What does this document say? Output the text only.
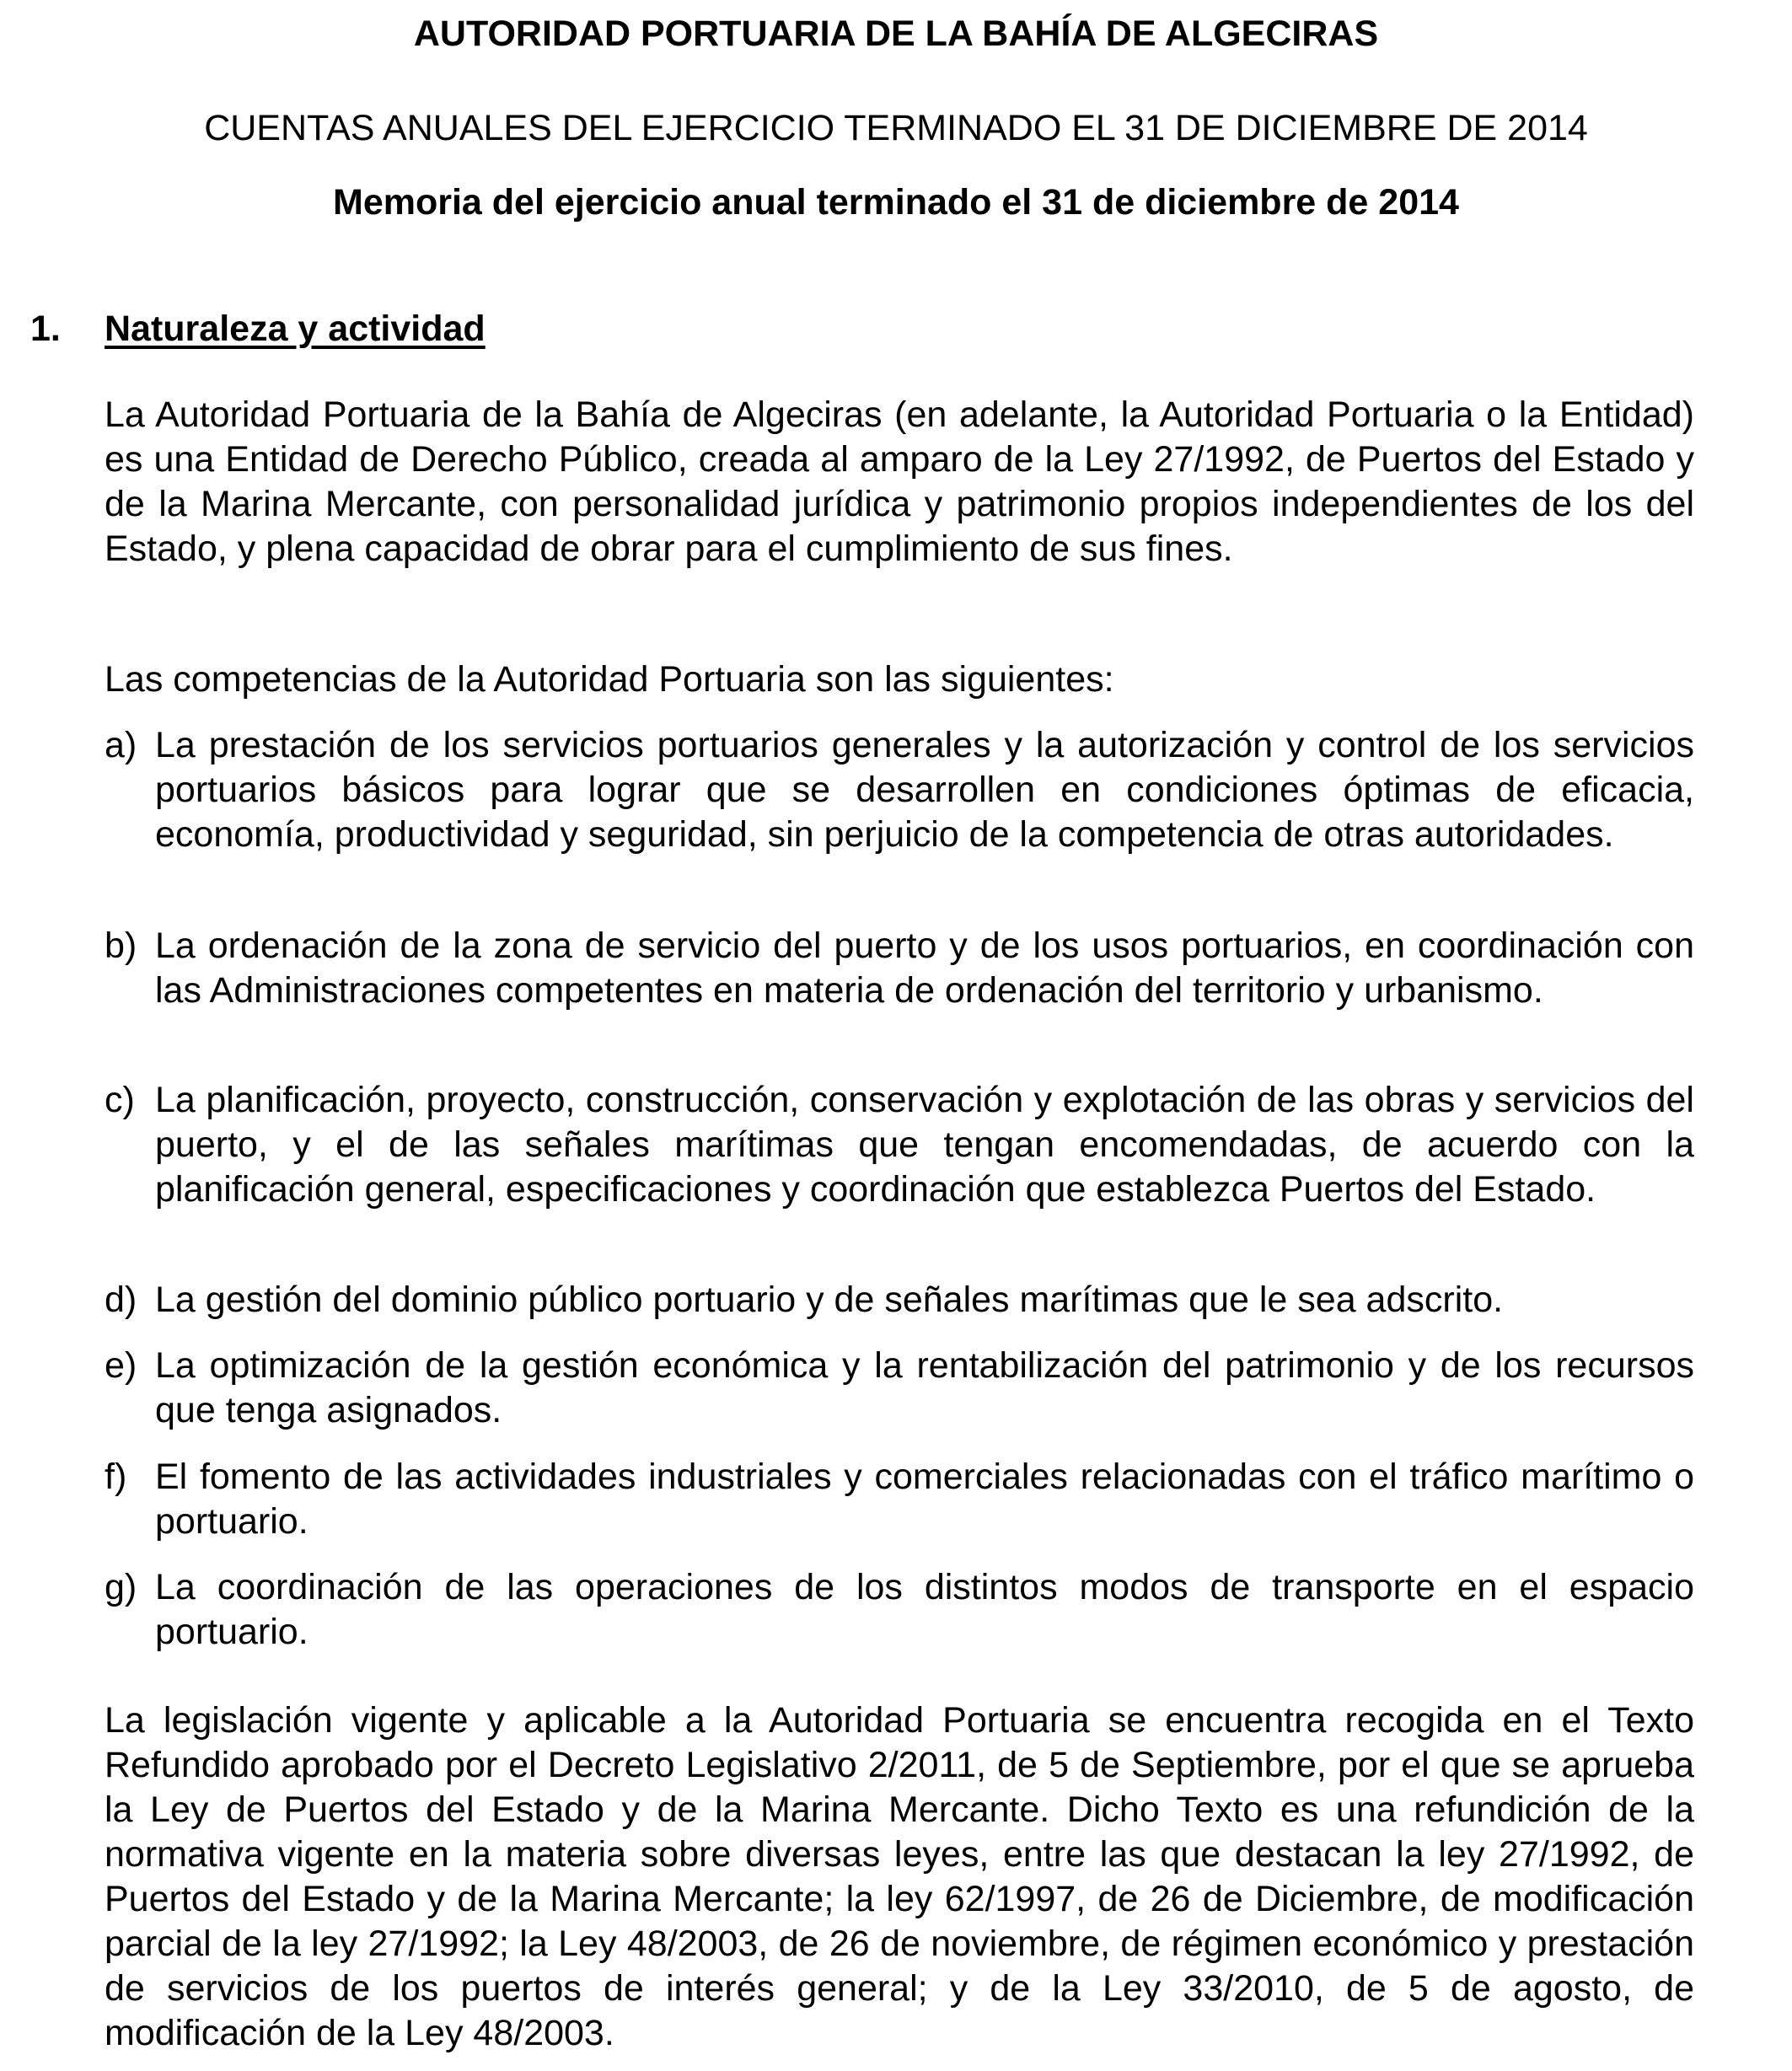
AUTORIDAD PORTUARIA DE LA BAHÍA DE ALGECIRAS
CUENTAS ANUALES DEL EJERCICIO TERMINADO EL 31 DE DICIEMBRE DE 2014
Memoria del ejercicio anual terminado el 31 de diciembre de 2014
1. Naturaleza y actividad

La Autoridad Portuaria de la Bahía de Algeciras (en adelante, la Autoridad Portuaria o la Entidad) es una Entidad de Derecho Público, creada al amparo de la Ley 27/1992, de Puertos del Estado y de la Marina Mercante, con personalidad jurídica y patrimonio propios independientes de los del Estado, y plena capacidad de obrar para el cumplimiento de sus fines.

Las competencias de la Autoridad Portuaria son las siguientes:

a) La prestación de los servicios portuarios generales y la autorización y control de los servicios portuarios básicos para lograr que se desarrollen en condiciones óptimas de eficacia, economía, productividad y seguridad, sin perjuicio de la competencia de otras autoridades.
b) La ordenación de la zona de servicio del puerto y de los usos portuarios, en coordinación con las Administraciones competentes en materia de ordenación del territorio y urbanismo.
c) La planificación, proyecto, construcción, conservación y explotación de las obras y servicios del puerto, y el de las señales marítimas que tengan encomendadas, de acuerdo con la planificación general, especificaciones y coordinación que establezca Puertos del Estado.
d) La gestión del dominio público portuario y de señales marítimas que le sea adscrito.
e) La optimización de la gestión económica y la rentabilización del patrimonio y de los recursos que tenga asignados.
f) El fomento de las actividades industriales y comerciales relacionadas con el tráfico marítimo o portuario.
g) La coordinación de las operaciones de los distintos modos de transporte en el espacio portuario.

La legislación vigente y aplicable a la Autoridad Portuaria se encuentra recogida en el Texto Refundido aprobado por el Decreto Legislativo 2/2011, de 5 de Septiembre, por el que se aprueba la Ley de Puertos del Estado y de la Marina Mercante. Dicho Texto es una refundición de la normativa vigente en la materia sobre diversas leyes, entre las que destacan la ley 27/1992, de Puertos del Estado y de la Marina Mercante; la ley 62/1997, de 26 de Diciembre, de modificación parcial de la ley 27/1992; la Ley 48/2003, de 26 de noviembre, de régimen económico y prestación de servicios de los puertos de interés general; y de la Ley 33/2010, de 5 de agosto, de modificación de la Ley 48/2003.
